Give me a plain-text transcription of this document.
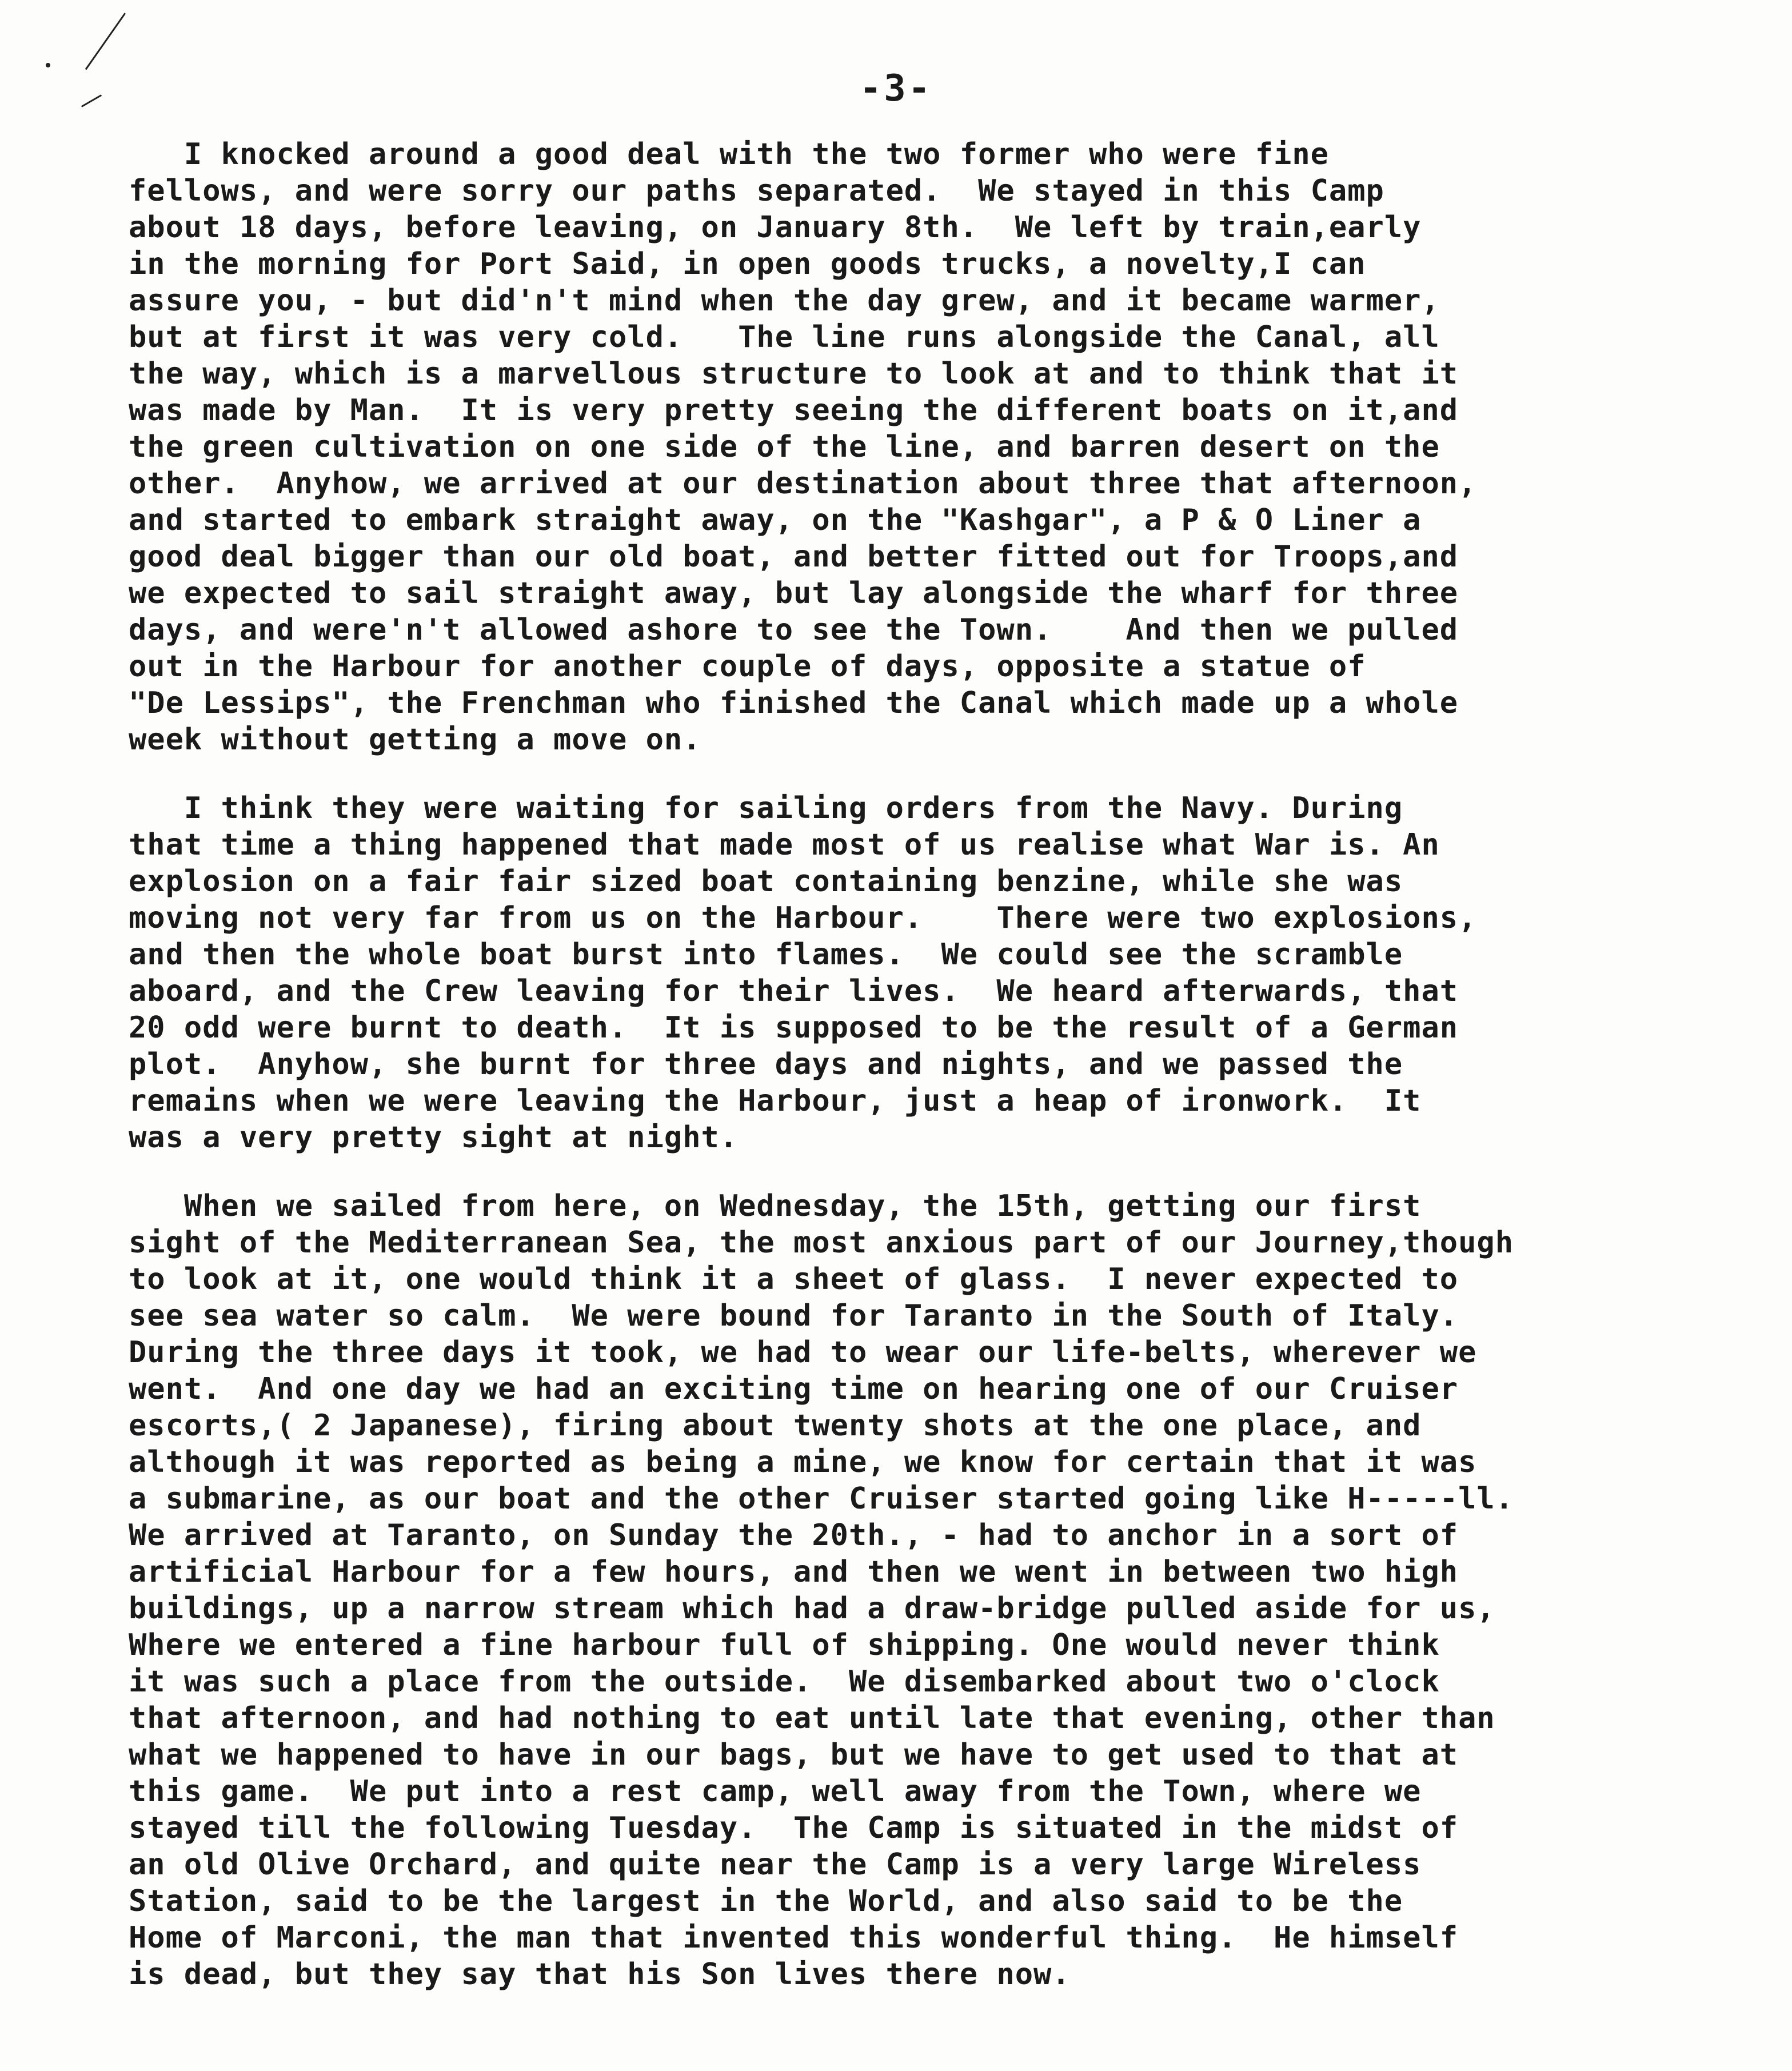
-3-
I knocked around a good deal with the two former who were fine
fellows, and were sorry our paths separated.  We stayed in this Camp
about 18 days, before leaving, on January 8th.  We left by train,early
in the morning for Port Said, in open goods trucks, a novelty,I can
assure you, - but did'n't mind when the day grew, and it became warmer,
but at first it was very cold.   The line runs alongside the Canal, all
the way, which is a marvellous structure to look at and to think that it
was made by Man.  It is very pretty seeing the different boats on it,and
the green cultivation on one side of the line, and barren desert on the
other.  Anyhow, we arrived at our destination about three that afternoon,
and started to embark straight away, on the "Kashgar", a P & O Liner a
good deal bigger than our old boat, and better fitted out for Troops,and
we expected to sail straight away, but lay alongside the wharf for three
days, and were'n't allowed ashore to see the Town.    And then we pulled
out in the Harbour for another couple of days, opposite a statue of
"De Lessips", the Frenchman who finished the Canal which made up a whole
week without getting a move on.
I think they were waiting for sailing orders from the Navy. During
that time a thing happened that made most of us realise what War is. An
explosion on a fair fair sized boat containing benzine, while she was
moving not very far from us on the Harbour.    There were two explosions,
and then the whole boat burst into flames.  We could see the scramble
aboard, and the Crew leaving for their lives.  We heard afterwards, that
20 odd were burnt to death.  It is supposed to be the result of a German
plot.  Anyhow, she burnt for three days and nights, and we passed the
remains when we were leaving the Harbour, just a heap of ironwork.  It
was a very pretty sight at night.
When we sailed from here, on Wednesday, the 15th, getting our first
sight of the Mediterranean Sea, the most anxious part of our Journey,though
to look at it, one would think it a sheet of glass.  I never expected to
see sea water so calm.  We were bound for Taranto in the South of Italy.
During the three days it took, we had to wear our life-belts, wherever we
went.  And one day we had an exciting time on hearing one of our Cruiser
escorts,( 2 Japanese), firing about twenty shots at the one place, and
although it was reported as being a mine, we know for certain that it was
a submarine, as our boat and the other Cruiser started going like H-----ll.
We arrived at Taranto, on Sunday the 20th., - had to anchor in a sort of
artificial Harbour for a few hours, and then we went in between two high
buildings, up a narrow stream which had a draw-bridge pulled aside for us,
Where we entered a fine harbour full of shipping. One would never think
it was such a place from the outside.  We disembarked about two o'clock
that afternoon, and had nothing to eat until late that evening, other than
what we happened to have in our bags, but we have to get used to that at
this game.  We put into a rest camp, well away from the Town, where we
stayed till the following Tuesday.  The Camp is situated in the midst of
an old Olive Orchard, and quite near the Camp is a very large Wireless
Station, said to be the largest in the World, and also said to be the
Home of Marconi, the man that invented this wonderful thing.  He himself
is dead, but they say that his Son lives there now.
